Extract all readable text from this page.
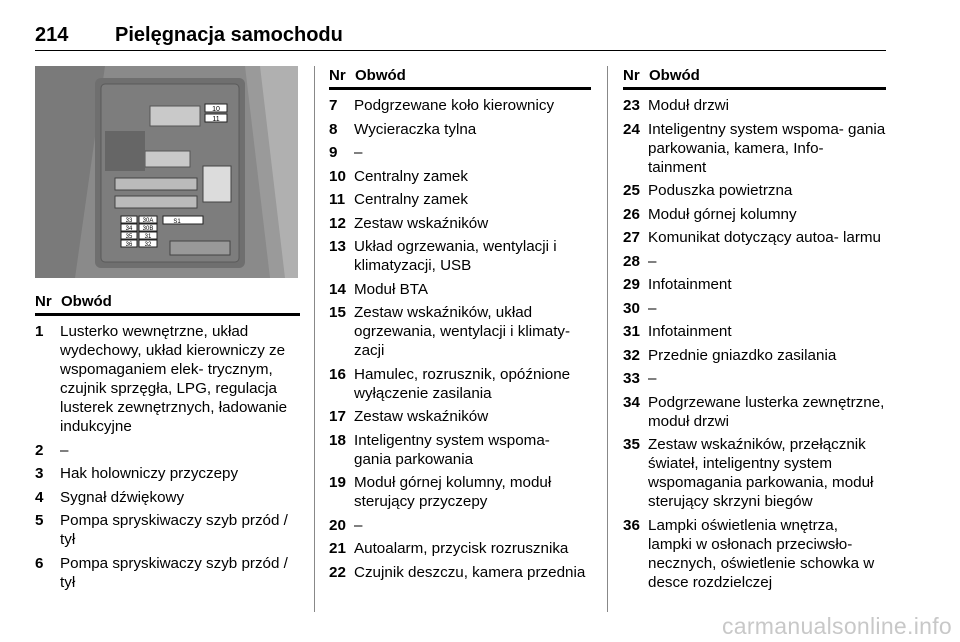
214 Pielęgnacja samochodu
10
11
33
34
35
36
30A
30B
31
32
S1
Nr Obwód
1	Lusterko wewnętrzne, układ wydechowy, układ kierowniczy ze wspomaganiem elek- trycznym, czujnik sprzęgła, LPG, regulacja lusterek zewnętrznych, ładowanie indukcyjne
2	–
3	Hak holowniczy przyczepy
4	Sygnał dźwiękowy
5	Pompa spryskiwaczy szyb przód / tył
6	Pompa spryskiwaczy szyb przód / tył
Nr Obwód
7	Podgrzewane koło kierownicy
8	Wycieraczka tylna
9	–
10 Centralny zamek
11 Centralny zamek
12 Zestaw wskaźników
13 Układ ogrzewania, wentylacji i klimatyzacji, USB
14 Moduł BTA
15 Zestaw wskaźników, układ ogrzewania, wentylacji i klimaty- zacji
16 Hamulec, rozrusznik, opóźnione wyłączenie zasilania
17 Zestaw wskaźników
18 Inteligentny system wspoma- gania parkowania
19 Moduł górnej kolumny, moduł sterujący przyczepy
20 –
21 Autoalarm, przycisk rozrusznika
22 Czujnik deszczu, kamera przednia
Nr Obwód
23 Moduł drzwi
24 Inteligentny system wspoma- gania parkowania, kamera, Info- tainment
25 Poduszka powietrzna
26 Moduł górnej kolumny
27 Komunikat dotyczący autoa- larmu
28 –
29 Infotainment
30 –
31 Infotainment
32 Przednie gniazdko zasilania
33 –
34 Podgrzewane lusterka zewnętrzne, moduł drzwi
35 Zestaw wskaźników, przełącznik świateł, inteligentny system wspomagania parkowania, moduł sterujący skrzyni biegów
36 Lampki oświetlenia wnętrza, lampki w osłonach przeciwsło- necznych, oświetlenie schowka w desce rozdzielczej
carmanualsonline.info
